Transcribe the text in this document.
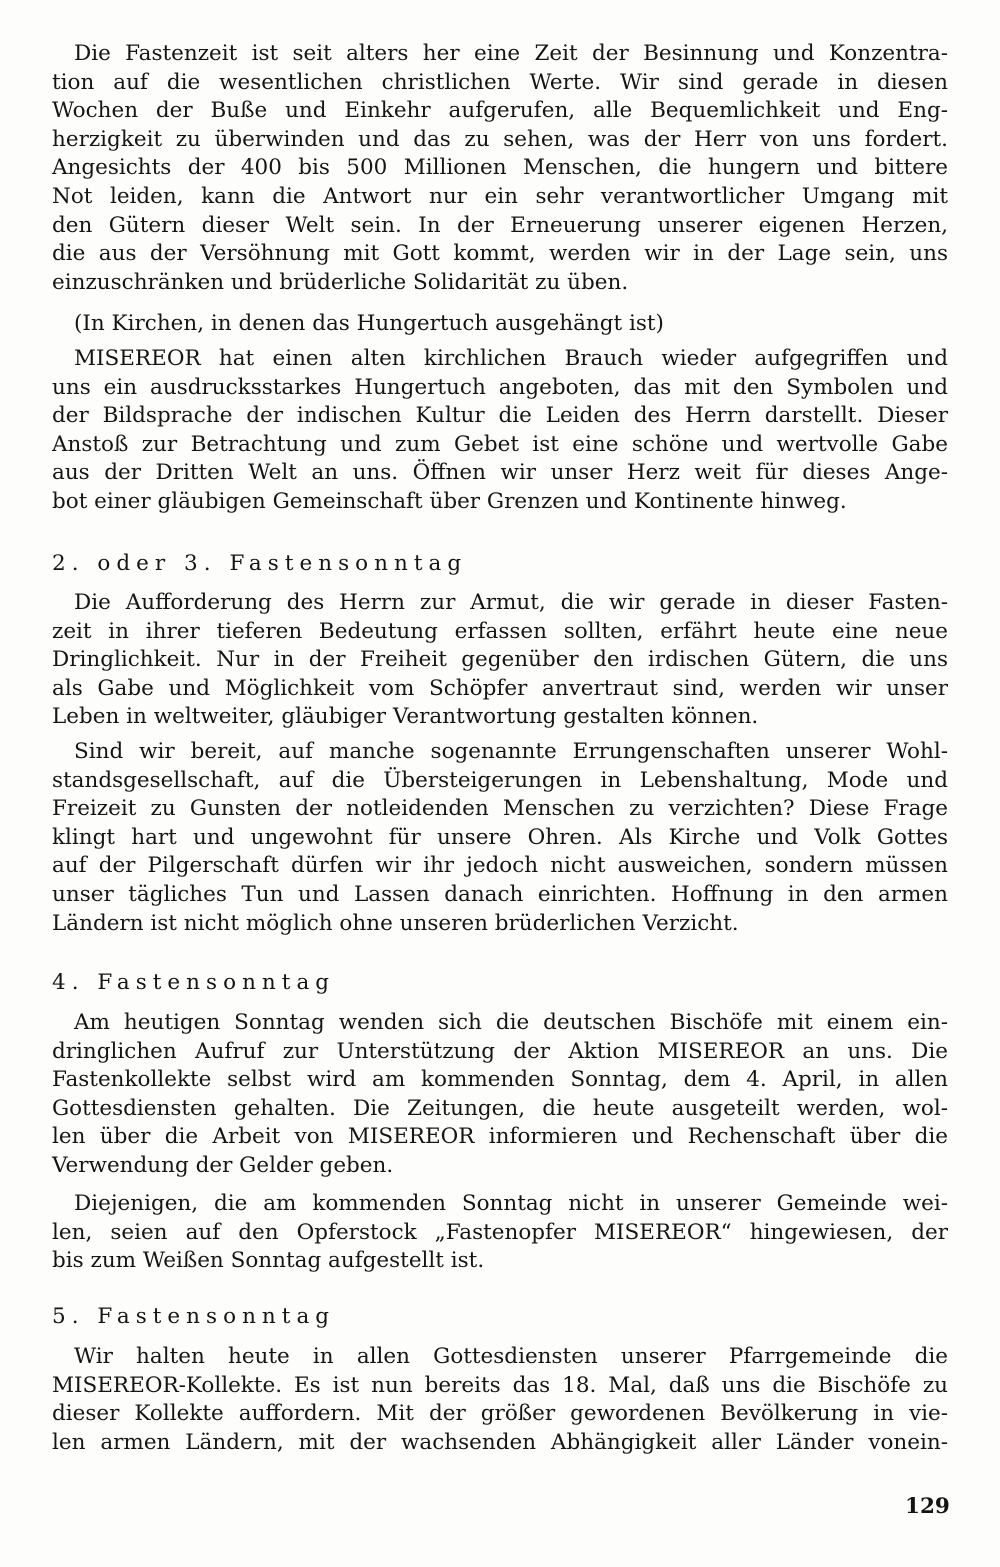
Die Fastenzeit ist seit alters her eine Zeit der Besinnung und Konzentra-
tion auf die wesentlichen christlichen Werte. Wir sind gerade in diesen
Wochen der Buße und Einkehr aufgerufen, alle Bequemlichkeit und Eng-
herzigkeit zu überwinden und das zu sehen, was der Herr von uns fordert.
Angesichts der 400 bis 500 Millionen Menschen, die hungern und bittere
Not leiden, kann die Antwort nur ein sehr verantwortlicher Umgang mit
den Gütern dieser Welt sein. In der Erneuerung unserer eigenen Herzen,
die aus der Versöhnung mit Gott kommt, werden wir in der Lage sein, uns
einzuschränken und brüderliche Solidarität zu üben.
(In Kirchen, in denen das Hungertuch ausgehängt ist)
MISEREOR hat einen alten kirchlichen Brauch wieder aufgegriffen und
uns ein ausdrucksstarkes Hungertuch angeboten, das mit den Symbolen und
der Bildsprache der indischen Kultur die Leiden des Herrn darstellt. Dieser
Anstoß zur Betrachtung und zum Gebet ist eine schöne und wertvolle Gabe
aus der Dritten Welt an uns. Öffnen wir unser Herz weit für dieses Ange-
bot einer gläubigen Gemeinschaft über Grenzen und Kontinente hinweg.
2. oder 3. Fastensonntag
Die Aufforderung des Herrn zur Armut, die wir gerade in dieser Fasten-
zeit in ihrer tieferen Bedeutung erfassen sollten, erfährt heute eine neue
Dringlichkeit. Nur in der Freiheit gegenüber den irdischen Gütern, die uns
als Gabe und Möglichkeit vom Schöpfer anvertraut sind, werden wir unser
Leben in weltweiter, gläubiger Verantwortung gestalten können.
Sind wir bereit, auf manche sogenannte Errungenschaften unserer Wohl-
standsgesellschaft, auf die Übersteigerungen in Lebenshaltung, Mode und
Freizeit zu Gunsten der notleidenden Menschen zu verzichten? Diese Frage
klingt hart und ungewohnt für unsere Ohren. Als Kirche und Volk Gottes
auf der Pilgerschaft dürfen wir ihr jedoch nicht ausweichen, sondern müssen
unser tägliches Tun und Lassen danach einrichten. Hoffnung in den armen
Ländern ist nicht möglich ohne unseren brüderlichen Verzicht.
4. Fastensonntag
Am heutigen Sonntag wenden sich die deutschen Bischöfe mit einem ein-
dringlichen Aufruf zur Unterstützung der Aktion MISEREOR an uns. Die
Fastenkollekte selbst wird am kommenden Sonntag, dem 4. April, in allen
Gottesdiensten gehalten. Die Zeitungen, die heute ausgeteilt werden, wol-
len über die Arbeit von MISEREOR informieren und Rechenschaft über die
Verwendung der Gelder geben.
Diejenigen, die am kommenden Sonntag nicht in unserer Gemeinde wei-
len, seien auf den Opferstock „Fastenopfer MISEREOR“ hingewiesen, der
bis zum Weißen Sonntag aufgestellt ist.
5. Fastensonntag
Wir halten heute in allen Gottesdiensten unserer Pfarrgemeinde die
MISEREOR-Kollekte. Es ist nun bereits das 18. Mal, daß uns die Bischöfe zu
dieser Kollekte auffordern. Mit der größer gewordenen Bevölkerung in vie-
len armen Ländern, mit der wachsenden Abhängigkeit aller Länder vonein-
129
